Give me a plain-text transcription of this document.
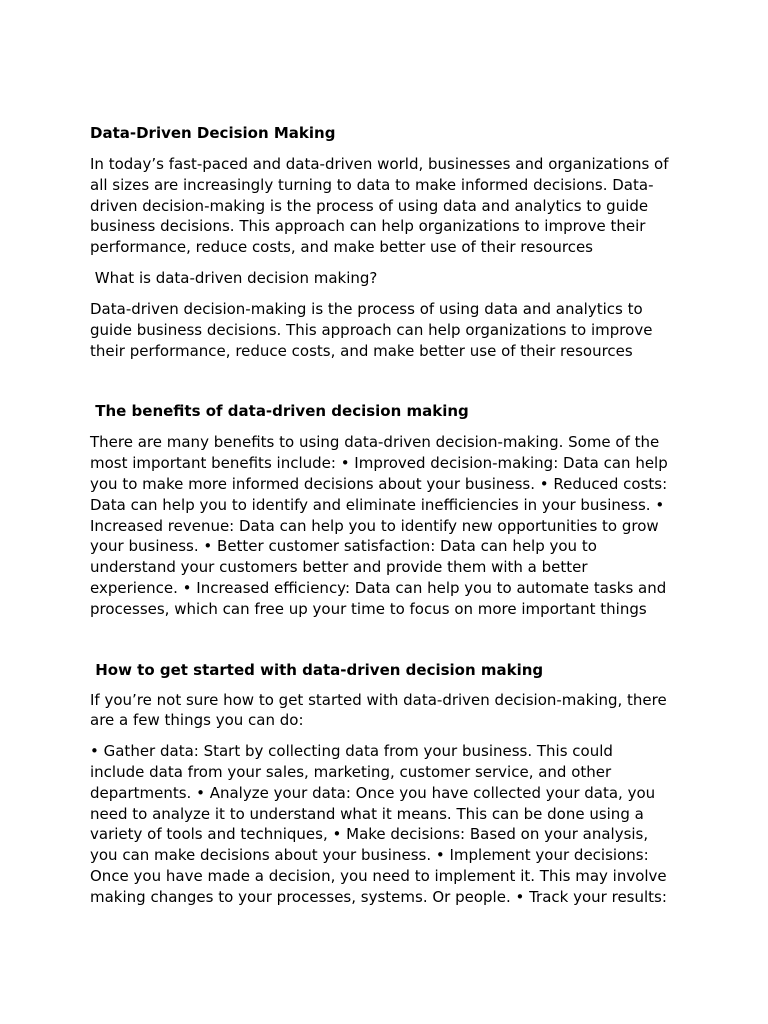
Data-Driven Decision Making

In today’s fast-paced and data-driven world, businesses and organizations of
all sizes are increasingly turning to data to make informed decisions. Data-
driven decision-making is the process of using data and analytics to guide
business decisions. This approach can help organizations to improve their
performance, reduce costs, and make better use of their resources

What is data-driven decision making?

Data-driven decision-making is the process of using data and analytics to
guide business decisions. This approach can help organizations to improve
their performance, reduce costs, and make better use of their resources

The benefits of data-driven decision making

There are many benefits to using data-driven decision-making. Some of the
most important benefits include: • Improved decision-making: Data can help
you to make more informed decisions about your business. • Reduced costs:
Data can help you to identify and eliminate inefficiencies in your business. •
Increased revenue: Data can help you to identify new opportunities to grow
your business. • Better customer satisfaction: Data can help you to
understand your customers better and provide them with a better
experience. • Increased efficiency: Data can help you to automate tasks and
processes, which can free up your time to focus on more important things

How to get started with data-driven decision making

If you’re not sure how to get started with data-driven decision-making, there
are a few things you can do:

• Gather data: Start by collecting data from your business. This could
include data from your sales, marketing, customer service, and other
departments. • Analyze your data: Once you have collected your data, you
need to analyze it to understand what it means. This can be done using a
variety of tools and techniques, • Make decisions: Based on your analysis,
you can make decisions about your business. • Implement your decisions:
Once you have made a decision, you need to implement it. This may involve
making changes to your processes, systems. Or people. • Track your results:
